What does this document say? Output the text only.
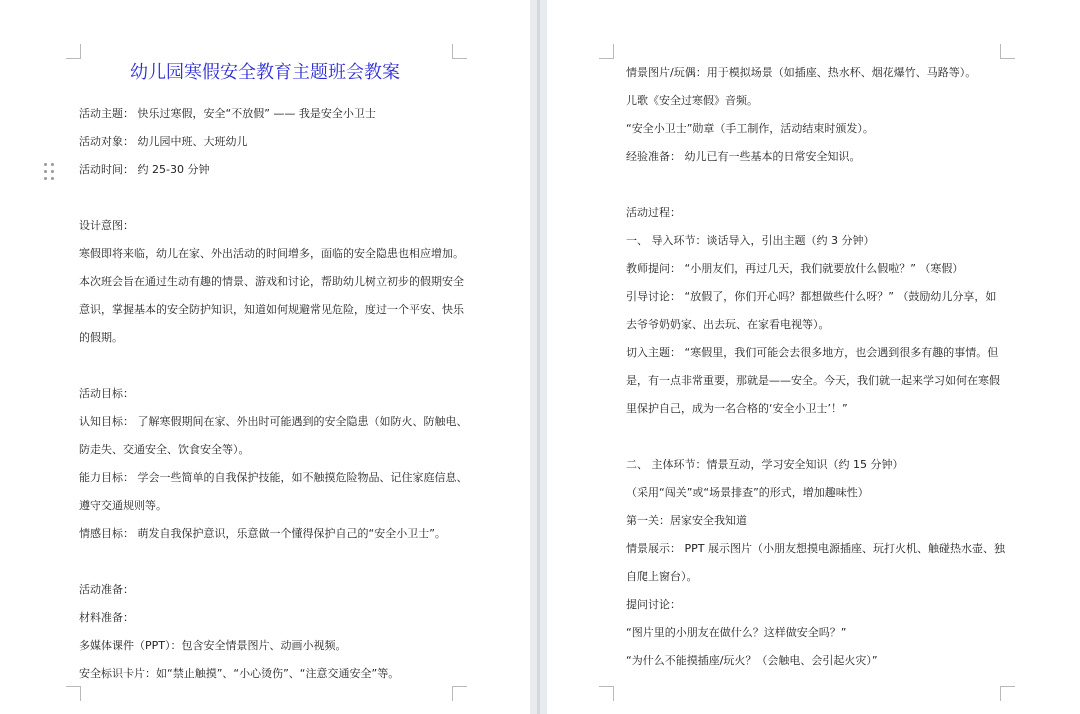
幼儿园寒假安全教育主题班会教案
活动主题： 快乐过寒假，安全“不放假” —— 我是安全小卫士
活动对象： 幼儿园中班、大班幼儿
活动时间： 约 25-30 分钟
设计意图：
寒假即将来临，幼儿在家、外出活动的时间增多，面临的安全隐患也相应增加。
本次班会旨在通过生动有趣的情景、游戏和讨论，帮助幼儿树立初步的假期安全
意识，掌握基本的安全防护知识，知道如何规避常见危险，度过一个平安、快乐
的假期。
活动目标：
认知目标： 了解寒假期间在家、外出时可能遇到的安全隐患（如防火、防触电、
防走失、交通安全、饮食安全等）。
能力目标： 学会一些简单的自我保护技能，如不触摸危险物品、记住家庭信息、
遵守交通规则等。
情感目标： 萌发自我保护意识，乐意做一个懂得保护自己的“安全小卫士”。
活动准备：
材料准备：
多媒体课件（PPT）：包含安全情景图片、动画小视频。
安全标识卡片：如“禁止触摸”、“小心烫伤”、“注意交通安全”等。
情景图片/玩偶：用于模拟场景（如插座、热水杯、烟花爆竹、马路等）。
儿歌《安全过寒假》音频。
“安全小卫士”勋章（手工制作，活动结束时颁发）。
经验准备： 幼儿已有一些基本的日常安全知识。
活动过程：
一、 导入环节：谈话导入，引出主题（约 3 分钟）
教师提问： “小朋友们，再过几天，我们就要放什么假啦？” （寒假）
引导讨论： “放假了，你们开心吗？都想做些什么呀？” （鼓励幼儿分享，如
去爷爷奶奶家、出去玩、在家看电视等）。
切入主题： “寒假里，我们可能会去很多地方，也会遇到很多有趣的事情。但
是，有一点非常重要，那就是——安全。今天，我们就一起来学习如何在寒假
里保护自己，成为一名合格的‘安全小卫士’！”
二、 主体环节：情景互动，学习安全知识（约 15 分钟）
（采用“闯关”或“场景排查”的形式，增加趣味性）
第一关：居家安全我知道
情景展示： PPT 展示图片（小朋友想摸电源插座、玩打火机、触碰热水壶、独
自爬上窗台）。
提问讨论：
“图片里的小朋友在做什么？这样做安全吗？”
“为什么不能摸插座/玩火？（会触电、会引起火灾）”
